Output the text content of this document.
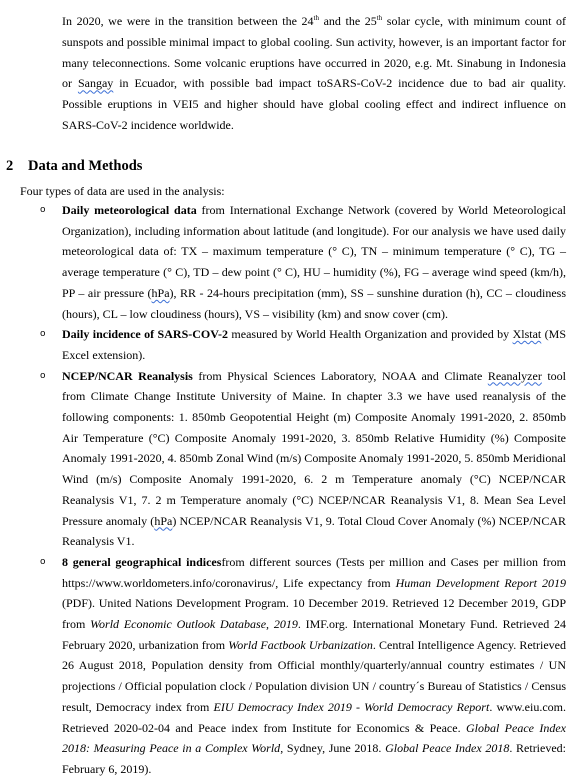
In 2020, we were in the transition between the 24th and the 25th solar cycle, with minimum count of sunspots and possible minimal impact to global cooling. Sun activity, however, is an important factor for many teleconnections. Some volcanic eruptions have occurred in 2020, e.g. Mt. Sinabung in Indonesia or Sangay in Ecuador, with possible bad impact toSARS-CoV-2 incidence due to bad air quality. Possible eruptions in VEI5 and higher should have global cooling effect and indirect influence on SARS-CoV-2 incidence worldwide.
2 Data and Methods
Four types of data are used in the analysis:
o Daily meteorological data from International Exchange Network (covered by World Meteorological Organization), including information about latitude (and longitude). For our analysis we have used daily meteorological data of: TX – maximum temperature (° C), TN – minimum temperature (° C), TG – average temperature (° C), TD – dew point (° C), HU – humidity (%), FG – average wind speed (km/h), PP – air pressure (hPa), RR - 24-hours precipitation (mm), SS – sunshine duration (h), CC – cloudiness (hours), CL – low cloudiness (hours), VS – visibility (km) and snow cover (cm).
o Daily incidence of SARS-COV-2 measured by World Health Organization and provided by Xlstat (MS Excel extension).
o NCEP/NCAR Reanalysis from Physical Sciences Laboratory, NOAA and Climate Reanalyzer tool from Climate Change Institute University of Maine. In chapter 3.3 we have used reanalysis of the following components: 1. 850mb Geopotential Height (m) Composite Anomaly 1991-2020, 2. 850mb Air Temperature (°C) Composite Anomaly 1991-2020, 3. 850mb Relative Humidity (%) Composite Anomaly 1991-2020, 4. 850mb Zonal Wind (m/s) Composite Anomaly 1991-2020, 5. 850mb Meridional Wind (m/s) Composite Anomaly 1991-2020, 6. 2 m Temperature anomaly (°C) NCEP/NCAR Reanalysis V1, 7. 2 m Temperature anomaly (°C) NCEP/NCAR Reanalysis V1, 8. Mean Sea Level Pressure anomaly (hPa) NCEP/NCAR Reanalysis V1, 9. Total Cloud Cover Anomaly (%) NCEP/NCAR Reanalysis V1.
o 8 general geographical indicesfrom different sources (Tests per million and Cases per million from https://www.worldometers.info/coronavirus/, Life expectancy from Human Development Report 2019 (PDF). United Nations Development Program. 10 December 2019. Retrieved 12 December 2019, GDP from World Economic Outlook Database, 2019. IMF.org. International Monetary Fund. Retrieved 24 February 2020, urbanization from World Factbook Urbanization. Central Intelligence Agency. Retrieved 26 August 2018, Population density from Official monthly/quarterly/annual country estimates / UN projections / Official population clock / Population division UN / country´s Bureau of Statistics / Census result, Democracy index from EIU Democracy Index 2019 - World Democracy Report. www.eiu.com. Retrieved 2020-02-04 and Peace index from Institute for Economics & Peace. Global Peace Index 2018: Measuring Peace in a Complex World, Sydney, June 2018. Global Peace Index 2018. Retrieved: February 6, 2019).
